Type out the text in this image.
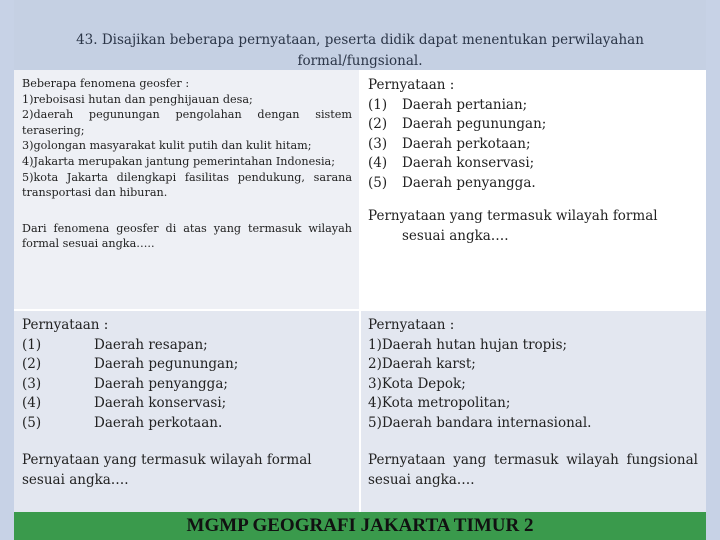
43. Disajikan beberapa pernyataan, peserta didik dapat menentukan perwilayahan
formal/fungsional.

Beberapa fenomena geosfer :

1)reboisasi hutan dan penghijauan desa;

2)daerah pegunungan pengolahan dengan sistem terasering;

3)golongan masyarakat kulit putih dan kulit hitam;

4)Jakarta merupakan jantung pemerintahan Indonesia;

5)kota Jakarta dilengkapi fasilitas pendukung, sarana transportasi dan hiburan.

Dari fenomena geosfer di atas yang termasuk wilayah formal sesuai angka…..

Pernyataan :

(1)	Daerah pertanian;
(2)	Daerah pegunungan;
(3)	Daerah perkotaan;
(4)	Daerah konservasi;
(5)	Daerah penyangga.

Pernyataan yang termasuk wilayah formal sesuai angka….

Pernyataan :

(1)	Daerah resapan;
(2)	Daerah pegunungan;
(3)	Daerah penyangga;
(4)	Daerah konservasi;
(5)	Daerah perkotaan.

Pernyataan yang termasuk wilayah formal sesuai angka….

Pernyataan :

1)Daerah hutan hujan tropis;

2)Daerah karst;

3)Kota Depok;

4)Kota metropolitan;

5)Daerah bandara internasional.

Pernyataan yang termasuk wilayah fungsional sesuai angka….

MGMP GEOGRAFI JAKARTA TIMUR 2
